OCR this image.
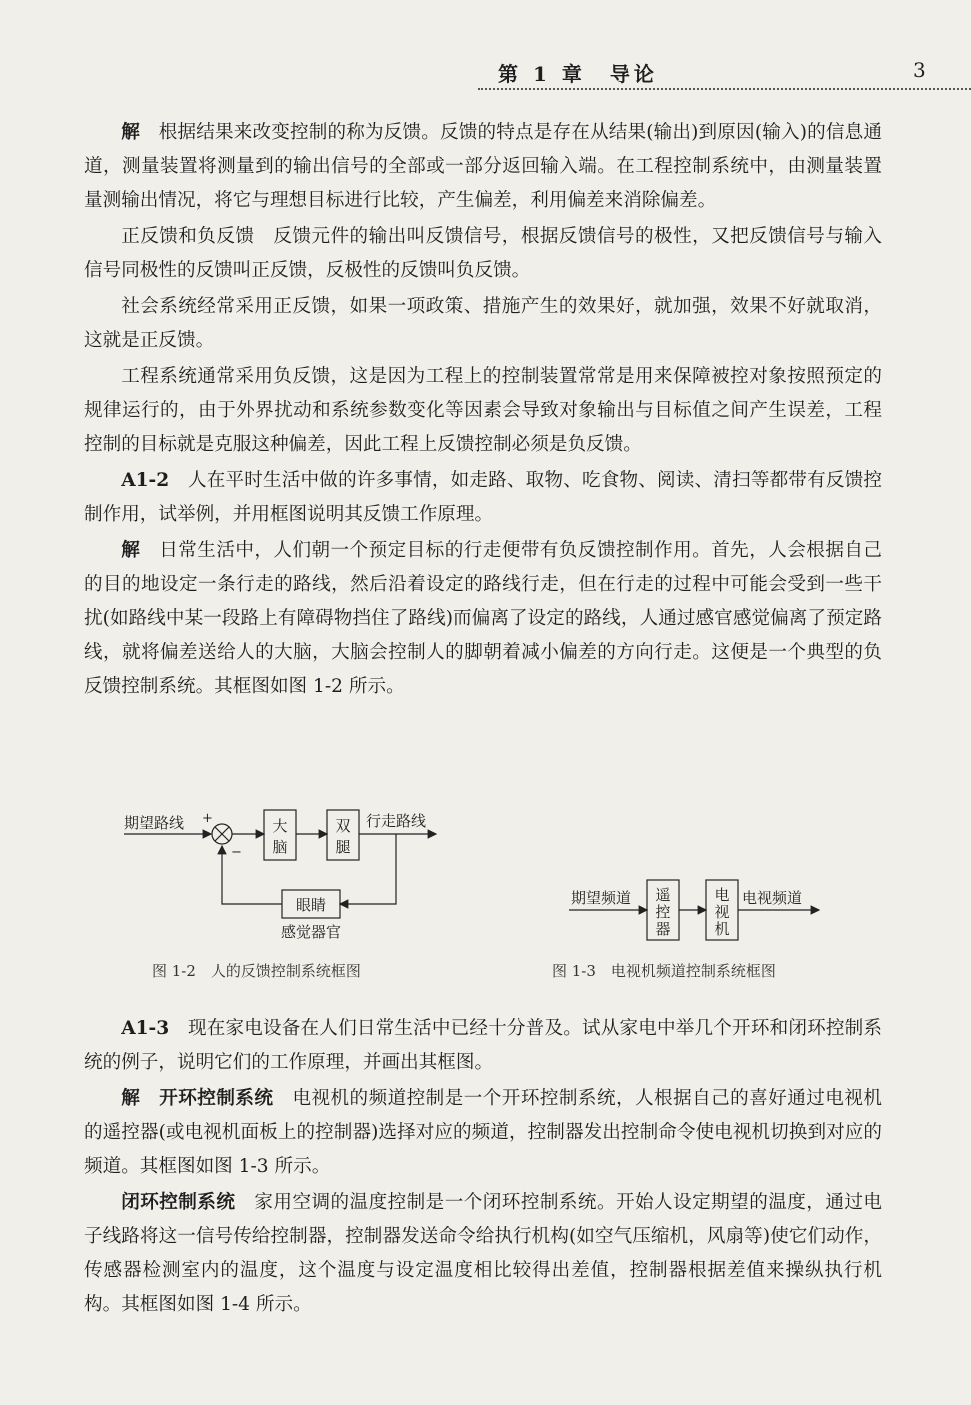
第 1 章　导论	3

解 根据结果来改变控制的称为反馈。反馈的特点是存在从结果(输出)到原因(输入)的信息通道，测量装置将测量到的输出信号的全部或一部分返回输入端。在工程控制系统中，由测量装置量测输出情况，将它与理想目标进行比较，产生偏差，利用偏差来消除偏差。

正反馈和负反馈 反馈元件的输出叫反馈信号，根据反馈信号的极性，又把反馈信号与输入信号同极性的反馈叫正反馈，反极性的反馈叫负反馈。

社会系统经常采用正反馈，如果一项政策、措施产生的效果好，就加强，效果不好就取消，这就是正反馈。

工程系统通常采用负反馈，这是因为工程上的控制装置常常是用来保障被控对象按照预定的规律运行的，由于外界扰动和系统参数变化等因素会导致对象输出与目标值之间产生误差，工程控制的目标就是克服这种偏差，因此工程上反馈控制必须是负反馈。

A1-2 人在平时生活中做的许多事情，如走路、取物、吃食物、阅读、清扫等都带有反馈控制作用，试举例，并用框图说明其反馈工作原理。

解 日常生活中，人们朝一个预定目标的行走便带有负反馈控制作用。首先，人会根据自己的目的地设定一条行走的路线，然后沿着设定的路线行走，但在行走的过程中可能会受到一些干扰(如路线中某一段路上有障碍物挡住了路线)而偏离了设定的路线，人通过感官感觉偏离了预定路线，就将偏差送给人的大脑，大脑会控制人的脚朝着减小偏差的方向行走。这便是一个典型的负反馈控制系统。其框图如图 1-2 所示。

期望路线 +
−
大
脑
双
腿
行走路线
眼睛
感觉器官
期望频道 遥
控
器
电
视
机
电视频道
图 1-2　人的反馈控制系统框图	图 1-3　电视机频道控制系统框图

A1-3 现在家电设备在人们日常生活中已经十分普及。试从家电中举几个开环和闭环控制系统的例子，说明它们的工作原理，并画出其框图。

解 开环控制系统 电视机的频道控制是一个开环控制系统，人根据自己的喜好通过电视机的遥控器(或电视机面板上的控制器)选择对应的频道，控制器发出控制命令使电视机切换到对应的频道。其框图如图 1-3 所示。

闭环控制系统 家用空调的温度控制是一个闭环控制系统。开始人设定期望的温度，通过电子线路将这一信号传给控制器，控制器发送命令给执行机构(如空气压缩机，风扇等)使它们动作，传感器检测室内的温度，这个温度与设定温度相比较得出差值，控制器根据差值来操纵执行机构。其框图如图 1-4 所示。
